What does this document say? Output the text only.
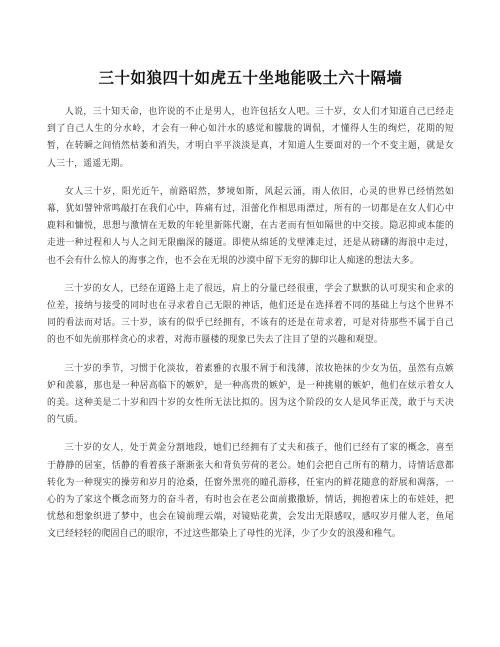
三十如狼四十如虎五十坐地能吸土六十隔墙

人说，三十知天命，也许说的不止是男人，也许包括女人吧。三十岁，女人们才知道自己已经走到了自己人生的分水岭，才会有一种心如汁水的感觉和朦胧的调侃，才懂得人生的绚烂，花期的短暂，在转瞬之间悄然枯萎和消失，才明白平平淡淡是真，才知道人生要面对的一个不变主题，就是女人三十，遥遥无期。

女人三十岁，阳光近午，前路昭然，梦境如斯，风起云涌，雨人依旧，心灵的世界已经悄然如幕，犹如譬钟常鸣敲打在我们心中，阵痛有过，泪蕾化作相思雨漂过，所有的一切都是在女人们心中鹿料和慵悦，思想与激情在无数的年轮里新陈代谢，在古老而有恒如隔世的中交接。隐忍抑或本能的走进一种过程和人与人之间无限幽深的隧道。即使从绵延的戈壁滩走过，还是从磅礴的海浪中走过，也不会有什么惊人的海事之作，也不会在无垠的沙漠中留下无穷的脚印让人痴迷的想法大多。

三十岁的女人，已经在道路上走了很远，肩上的分量已经很重，学会了默默的认可现实和企求的位差，接纳与接受的同时也在寻求着自己无限的神话，他们还是在选择着不同的基础上与这个世界不同的看法而对话。三十岁，该有的似乎已经拥有，不该有的还是在苛求着，可是对待那些不属于自己的也不如先前那样贪心的求着，对海市蜃楼的现象已失去了注目了望的兴趣和观望。

三十岁的季节，习惯于化淡妆，着素雅的衣服不屑于和浅薄，浓妆艳抹的少女为伍，虽然有点嫉妒和羡慕，那也是一种居高临下的嫉妒，是一种高贵的嫉妒，是一种挑剔的嫉妒，他们在炫示着女人的美。这种美是二十岁和四十岁的女性所无法比拟的。因为这个阶段的女人是风华正茂，敢于与天决的气质。

三十岁的女人，处于黄金分割地段，她们已经拥有了丈夫和孩子，他们已经有了家的概念，喜至于静静的居室，恬静的看着孩子渐渐张大和背负劳荷的老公。她们会把自己所有的精力，诗情话意都转化为一种现实的操劳和岁月的沧桑，任窗外黑亮的瞳孔游移，任室内的鲜花随意的舒展和凋落，一心的为了家这个概念而努力的奋斗者，有时也会在老公面前撒撒娇，情话，拥抱着床上的布娃娃，把忧愁和想象织进了梦中，也会在镜前理云端，对镜贴花黄，会发出无限感叹，感叹岁月催人老，鱼尾文已经轻轻的爬固自己的眼帘，不过这些都染上了母性的光泽，少了少女的浪漫和稚气。
